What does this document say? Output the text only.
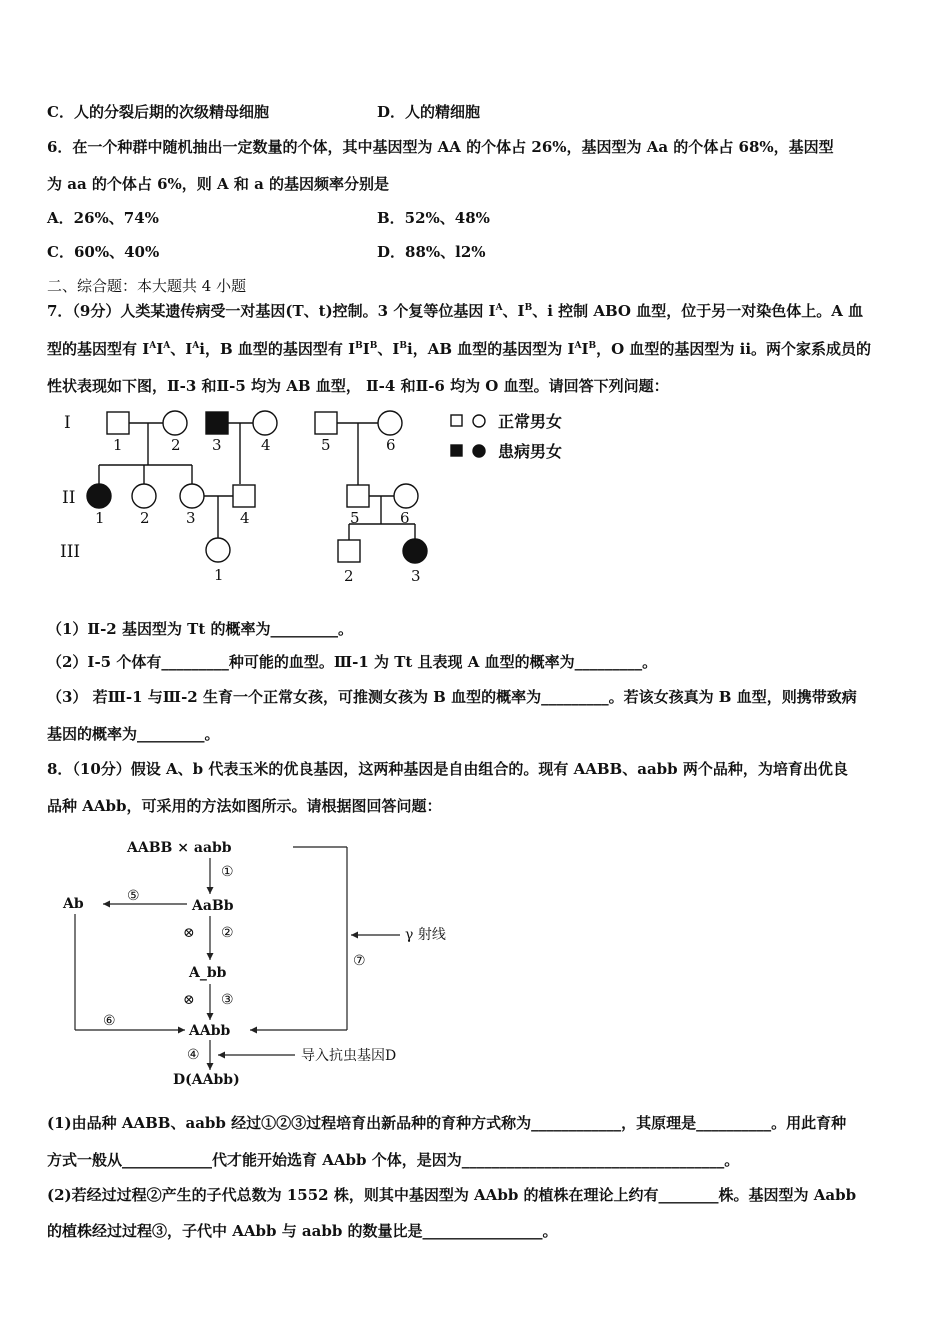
C．人的分裂后期的次级精母细胞	D．人的精细胞
6．在一个种群中随机抽出一定数量的个体，其中基因型为 AA 的个体占 26%，基因型为 Aa 的个体占 68%，基因型
为 aa 的个体占 6%，则 A 和 a 的基因频率分别是
A．26%、74%	B．52%、48%
C．60%、40%	D．88%、l2%
二、综合题：本大题共 4 小题
7．（9分）人类某遗传病受一对基因(T、t)控制。3 个复等位基因 $I^A$、$I^B$、i 控制 ABO 血型，位于另一对染色体上。A 血
型的基因型有 $I^AI^A$、$I^Ai$，B 血型的基因型有 $I^BI^B$、$I^Bi$，AB 血型的基因型为 $I^AI^B$，O 血型的基因型为 ii。两个家系成员的
性状表现如下图，Ⅱ-3 和Ⅱ-5 均为 AB 血型， Ⅱ-4 和Ⅱ-6 均为 O 血型。请回答下列问题：
I
II
III
1	2 3	4
1 2 3	4
1
5	6
5	6
2	3
正常男女
患病男女
（1）Ⅱ-2 基因型为 Tt 的概率为_________。
（2）Ⅰ-5 个体有_________种可能的血型。Ⅲ-1 为 Tt 且表现 A 血型的概率为_________。
（3） 若Ⅲ-1 与Ⅲ-2 生育一个正常女孩，可推测女孩为 B 血型的概率为_________。若该女孩真为 B 血型，则携带致病
基因的概率为_________。
8．（10分）假设 A、b 代表玉米的优良基因，这两种基因是自由组合的。现有 AABB、aabb 两个品种，为培育出优良
品种 AAbb，可采用的方法如图所示。请根据图回答问题：
AABB × aabb
①
AaBb
Ab	⑤
⑥
⊗ ②
A_bb
⊗ ③
AAbb
γ 射线
⑦
④	导入抗虫基因D
D(AAbb)
(1)由品种 AABB、aabb 经过①②③过程培育出新品种的育种方式称为____________，其原理是__________。用此育种
方式一般从____________代才能开始选育 AAbb 个体，是因为___________________________________。
(2)若经过过程②产生的子代总数为 1552 株，则其中基因型为 AAbb 的植株在理论上约有________株。基因型为 Aabb
的植株经过过程③，子代中 AAbb 与 aabb 的数量比是________________。
